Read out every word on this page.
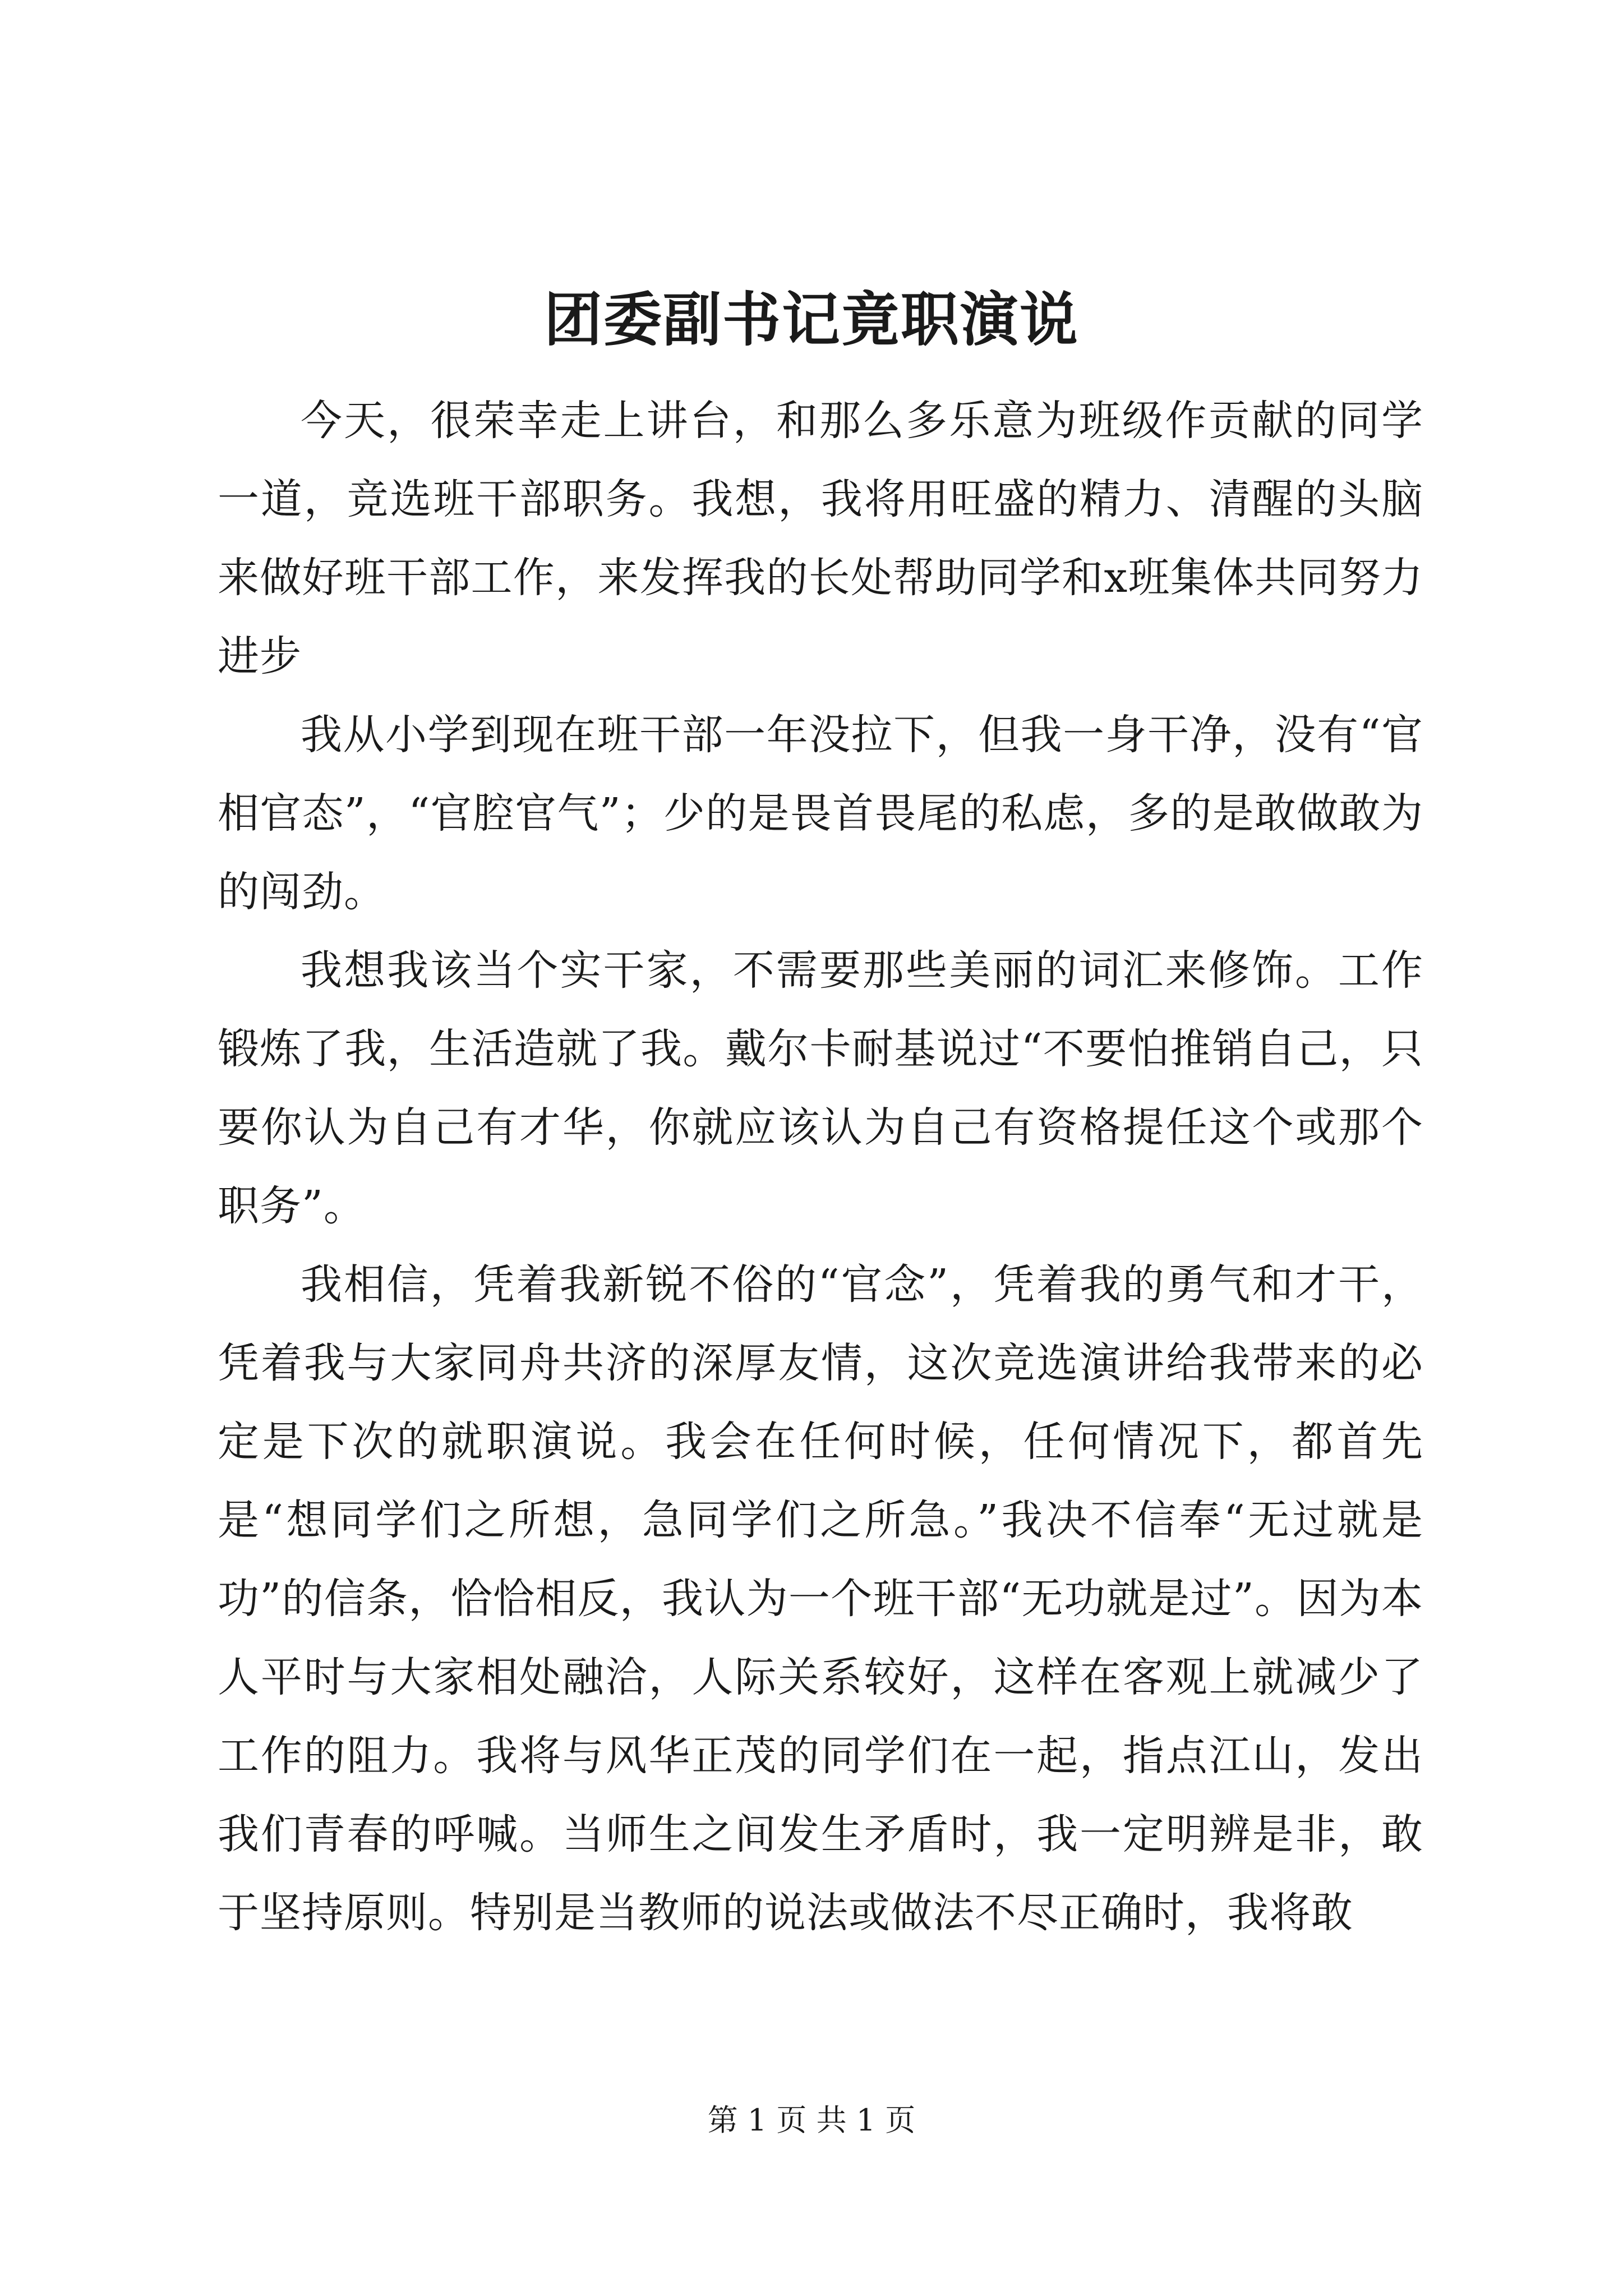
团委副书记竟职演说

今天，很荣幸走上讲台，和那么多乐意为班级作贡献的同学一道，竞选班干部职务。我想，我将用旺盛的精力、清醒的头脑来做好班干部工作，来发挥我的长处帮助同学和x班集体共同努力进步

我从小学到现在班干部一年没拉下，但我一身干净，没有“官相官态”，“官腔官气”；少的是畏首畏尾的私虑，多的是敢做敢为的闯劲。

我想我该当个实干家，不需要那些美丽的词汇来修饰。工作锻炼了我，生活造就了我。戴尔卡耐基说过“不要怕推销自己，只要你认为自己有才华，你就应该认为自己有资格提任这个或那个职务”。

我相信，凭着我新锐不俗的“官念”，凭着我的勇气和才干，凭着我与大家同舟共济的深厚友情，这次竞选演讲给我带来的必定是下次的就职演说。我会在任何时候，任何情况下，都首先是“想同学们之所想，急同学们之所急。”我决不信奉“无过就是功”的信条，恰恰相反，我认为一个班干部“无功就是过”。因为本人平时与大家相处融洽，人际关系较好，这样在客观上就减少了工作的阻力。我将与风华正茂的同学们在一起，指点江山，发出我们青春的呼喊。当师生之间发生矛盾时，我一定明辨是非，敢于坚持原则。特别是当教师的说法或做法不尽正确时，我将敢

第 1 页 共 1 页
